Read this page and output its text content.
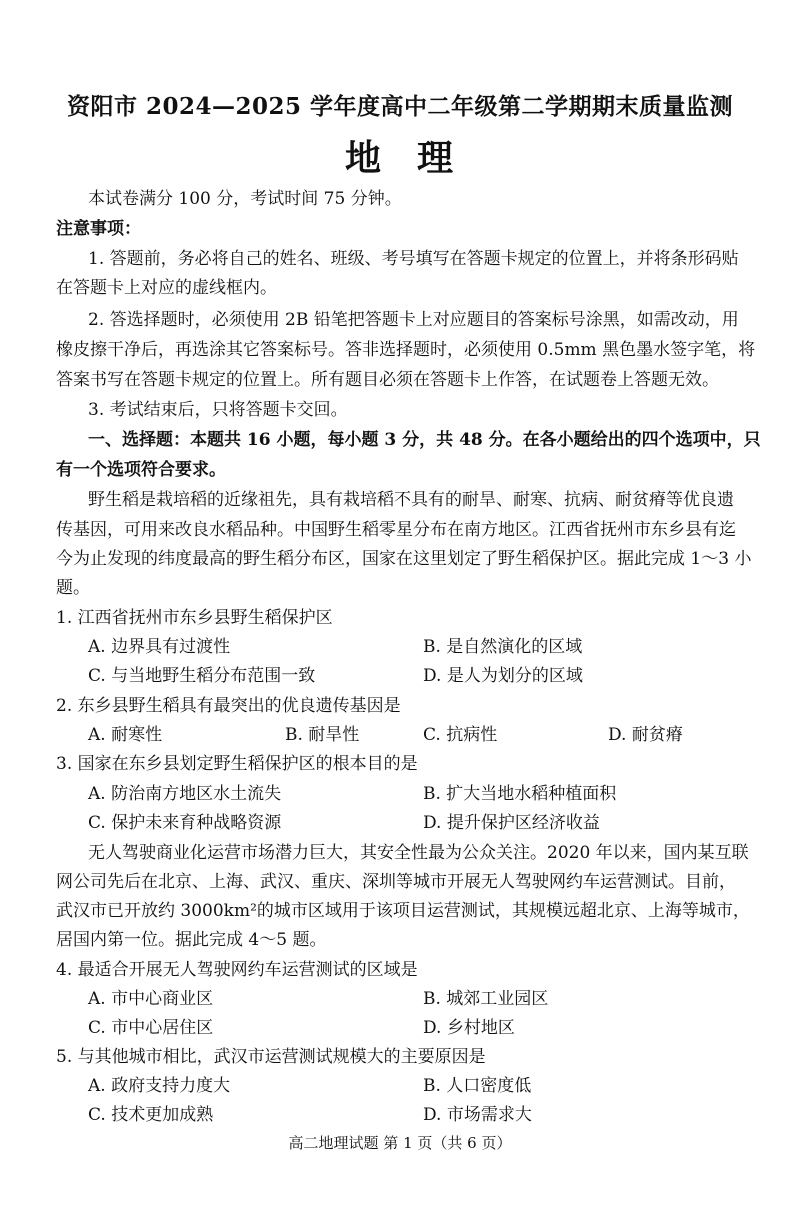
资阳市 2024—2025 学年度高中二年级第二学期期末质量监测
地 理
本试卷满分 100 分，考试时间 75 分钟。
注意事项：
1. 答题前，务必将自己的姓名、班级、考号填写在答题卡规定的位置上，并将条形码贴
在答题卡上对应的虚线框内。
2. 答选择题时，必须使用 2B 铅笔把答题卡上对应题目的答案标号涂黑，如需改动，用
橡皮擦干净后，再选涂其它答案标号。答非选择题时，必须使用 0.5mm 黑色墨水签字笔，将
答案书写在答题卡规定的位置上。所有题目必须在答题卡上作答，在试题卷上答题无效。
3. 考试结束后，只将答题卡交回。
一、选择题：本题共 16 小题，每小题 3 分，共 48 分。在各小题给出的四个选项中，只
有一个选项符合要求。
野生稻是栽培稻的近缘祖先，具有栽培稻不具有的耐旱、耐寒、抗病、耐贫瘠等优良遗
传基因，可用来改良水稻品种。中国野生稻零星分布在南方地区。江西省抚州市东乡县有迄
今为止发现的纬度最高的野生稻分布区，国家在这里划定了野生稻保护区。据此完成 1～3 小
题。
1. 江西省抚州市东乡县野生稻保护区
A. 边界具有过渡性	B. 是自然演化的区域
C. 与当地野生稻分布范围一致	D. 是人为划分的区域
2. 东乡县野生稻具有最突出的优良遗传基因是
A. 耐寒性	B. 耐旱性	C. 抗病性	D. 耐贫瘠
3. 国家在东乡县划定野生稻保护区的根本目的是
A. 防治南方地区水土流失	B. 扩大当地水稻种植面积
C. 保护未来育种战略资源	D. 提升保护区经济收益
无人驾驶商业化运营市场潜力巨大，其安全性最为公众关注。2020 年以来，国内某互联
网公司先后在北京、上海、武汉、重庆、深圳等城市开展无人驾驶网约车运营测试。目前，
武汉市已开放约 3000km²的城市区域用于该项目运营测试，其规模远超北京、上海等城市，
居国内第一位。据此完成 4～5 题。
4. 最适合开展无人驾驶网约车运营测试的区域是
A. 市中心商业区	B. 城郊工业园区
C. 市中心居住区	D. 乡村地区
5. 与其他城市相比，武汉市运营测试规模大的主要原因是
A. 政府支持力度大	B. 人口密度低
C. 技术更加成熟	D. 市场需求大
高二地理试题 第 1 页（共 6 页）
